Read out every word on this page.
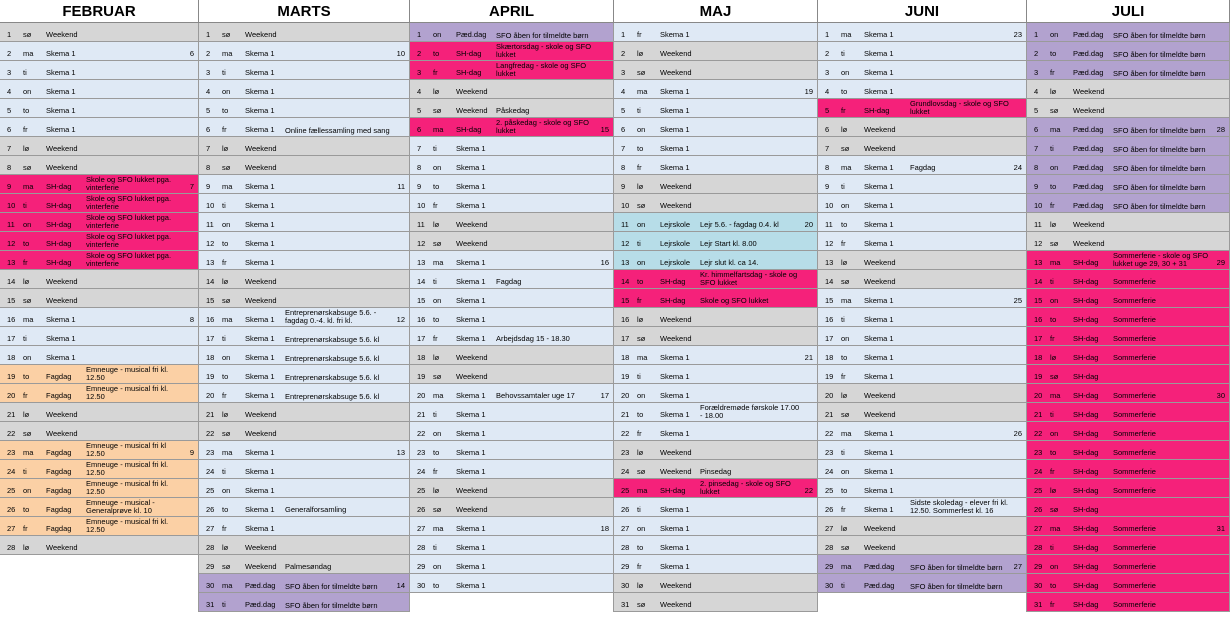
FEBRUAR
1 sø Weekend
2 ma Skema 1	6
3 ti	Skema 1
4 on Skema 1
5 to Skema 1
6 fr Skema 1
7 lø Weekend
8 sø Weekend
9 ma SH-dag
Skole og SFO lukket pga. vinterferie	7
10 ti	SH-dag
Skole og SFO lukket pga. vinterferie
11 on SH-dag
Skole og SFO lukket pga. vinterferie
12 to SH-dag
Skole og SFO lukket pga. vinterferie
13 fr SH-dag
Skole og SFO lukket pga. vinterferie
14 lø Weekend
15 sø Weekend
16 ma Skema 1	8
17 ti	Skema 1
18 on Skema 1
19 to Fagdag
Emneuge - musical fri kl. 12.50
20 fr Fagdag
Emneuge - musical fri kl. 12.50
21 lø Weekend
22 sø Weekend
23 ma Fagdag
Emneuge - musical fri kl 12.50	9
24 ti	Fagdag
Emneuge - musical fri kl. 12.50
25 on Fagdag
Emneuge - musical fri kl. 12.50
26 to Fagdag
Emneuge - musical - Generalprøve kl. 10
27 fr Fagdag
Emneuge - musical fri kl. 12.50
28 lø Weekend
MARTS
1 sø Weekend
2 ma Skema 1	10
3 ti	Skema 1
4 on Skema 1
5 to Skema 1
6 fr Skema 1 Online fællessamling med sang
7 lø Weekend
8 sø Weekend
9 ma Skema 1	11
10 ti	Skema 1
11 on Skema 1
12 to Skema 1
13 fr Skema 1
14 lø Weekend
15 sø Weekend
16 ma Skema 1
Entreprenørskabsuge 5.6. - fagdag 0.-4. kl. fri kl.	12
17 ti	Skema 1 Entreprenørskabsuge 5.6. kl
18 on Skema 1 Entreprenørskabsuge 5.6. kl
19 to Skema 1 Entreprenørskabsuge 5.6. kl
20 fr Skema 1 Entreprenørskabsuge 5.6. kl
21 lø Weekend
22 sø Weekend
23 ma Skema 1	13
24 ti	Skema 1
25 on Skema 1
26 to Skema 1 Generalforsamling
27 fr Skema 1
28 lø Weekend
29 sø Weekend Palmesøndag
30 ma Pæd.dag SFO åben for tilmeldte børn	14
31 ti	Pæd.dag SFO åben for tilmeldte børn
APRIL
1 on Pæd.dag SFO åben for tilmeldte børn
2 to SH-dag
Skærtorsdag - skole og SFO lukket
3 fr SH-dag
Langfredag - skole og SFO lukket
4 lø Weekend
5 sø Weekend Påskedag
6 ma SH-dag
2. påskedag - skole og SFO lukket	15
7 ti	Skema 1
8 on Skema 1
9 to Skema 1
10 fr Skema 1
11 lø Weekend
12 sø Weekend
13 ma Skema 1	16
14 ti	Skema 1 Fagdag
15 on Skema 1
16 to Skema 1
17 fr Skema 1 Arbejdsdag 15 - 18.30
18 lø Weekend
19 sø Weekend
20 ma Skema 1 Behovssamtaler uge 17	17
21 ti	Skema 1
22 on Skema 1
23 to Skema 1
24 fr Skema 1
25 lø Weekend
26 sø Weekend
27 ma Skema 1	18
28 ti	Skema 1
29 on Skema 1
30 to Skema 1
MAJ
1 fr Skema 1
2 lø Weekend
3 sø Weekend
4 ma Skema 1	19
5 ti	Skema 1
6 on Skema 1
7 to Skema 1
8 fr Skema 1
9 lø Weekend
10 sø Weekend
11 on Lejrskole Lejr 5.6. - fagdag 0.4. kl	20
12 ti	Lejrskole Lejr Start kl. 8.00
13 on Lejrskole Lejr slut kl. ca 14.
14 to SH-dag
Kr. himmelfartsdag - skole og SFO lukket
15 fr SH-dag Skole og SFO lukket
16 lø Weekend
17 sø Weekend
18 ma Skema 1	21
19 ti	Skema 1
20 on Skema 1
21 to Skema 1
Forældremøde førskole 17.00 - 18.00
22 fr Skema 1
23 lø Weekend
24 sø Weekend Pinsedag
25 ma SH-dag
2. pinsedag - skole og SFO lukket	22
26 ti	Skema 1
27 on Skema 1
28 to Skema 1
29 fr Skema 1
30 lø Weekend
31 sø Weekend
JUNI
1 ma Skema 1	23
2 ti	Skema 1
3 on Skema 1
4 to Skema 1
5 fr SH-dag
Grundlovsdag - skole og SFO lukket
6 lø Weekend
7 sø Weekend
8 ma Skema 1 Fagdag	24
9 ti	Skema 1
10 on Skema 1
11 to Skema 1
12 fr Skema 1
13 lø Weekend
14 sø Weekend
15 ma Skema 1	25
16 ti	Skema 1
17 on Skema 1
18 to Skema 1
19 fr Skema 1
20 lø Weekend
21 sø Weekend
22 ma Skema 1	26
23 ti	Skema 1
24 on Skema 1
25 to Skema 1
26 fr Skema 1
Sidste skoledag - elever fri kl. 12.50. Sommerfest kl. 16
27 lø Weekend
28 sø Weekend
29 ma Pæd.dag SFO åben for tilmeldte børn	27
30 ti	Pæd.dag SFO åben for tilmeldte børn
JULI
1 on Pæd.dag SFO åben for tilmeldte børn
2 to Pæd.dag SFO åben for tilmeldte børn
3 fr Pæd.dag SFO åben for tilmeldte børn
4 lø Weekend
5 sø Weekend
6 ma Pæd.dag SFO åben for tilmeldte børn	28
7 ti	Pæd.dag SFO åben for tilmeldte børn
8 on Pæd.dag SFO åben for tilmeldte børn
9 to Pæd.dag SFO åben for tilmeldte børn
10 fr Pæd.dag SFO åben for tilmeldte børn
11 lø Weekend
12 sø Weekend
13 ma SH-dag
Sommerferie - skole og SFO lukket uge 29, 30 + 31	29
14 ti	SH-dag Sommerferie
15 on SH-dag Sommerferie
16 to SH-dag Sommerferie
17 fr SH-dag Sommerferie
18 lø SH-dag Sommerferie
19 sø SH-dag
20 ma SH-dag Sommerferie	30
21 ti	SH-dag Sommerferie
22 on SH-dag Sommerferie
23 to SH-dag Sommerferie
24 fr SH-dag Sommerferie
25 lø SH-dag Sommerferie
26 sø SH-dag
27 ma SH-dag Sommerferie	31
28 ti	SH-dag Sommerferie
29 on SH-dag Sommerferie
30 to SH-dag Sommerferie
31 fr SH-dag Sommerferie
